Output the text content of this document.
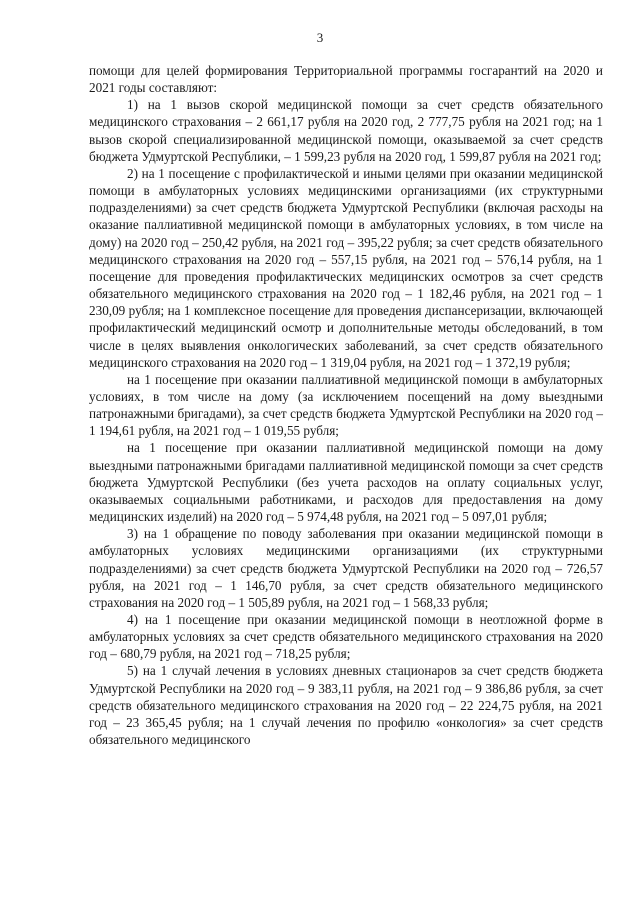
3

помощи для целей формирования Территориальной программы госгарантий на 2020 и 2021 годы составляют:

1) на 1 вызов скорой медицинской помощи за счет средств обязательного медицинского страхования – 2 661,17 рубля на 2020 год, 2 777,75 рубля на 2021 год; на 1 вызов скорой специализированной медицинской помощи, оказываемой за счет средств бюджета Удмуртской Республики, – 1 599,23 рубля на 2020 год, 1 599,87 рубля на 2021 год;

2) на 1 посещение с профилактической и иными целями при оказании медицинской помощи в амбулаторных условиях медицинскими организациями (их структурными подразделениями) за счет средств бюджета Удмуртской Республики (включая расходы на оказание паллиативной медицинской помощи в амбулаторных условиях, в том числе на дому) на 2020 год – 250,42 рубля, на 2021 год – 395,22 рубля; за счет средств обязательного медицинского страхования на 2020 год – 557,15 рубля, на 2021 год – 576,14 рубля, на 1 посещение для проведения профилактических медицинских осмотров за счет средств обязательного медицинского страхования на 2020 год – 1 182,46 рубля, на 2021 год – 1 230,09 рубля; на 1 комплексное посещение для проведения диспансеризации, включающей профилактический медицинский осмотр и дополнительные методы обследований, в том числе в целях выявления онкологических заболеваний, за счет средств обязательного медицинского страхования на 2020 год – 1 319,04 рубля, на 2021 год – 1 372,19 рубля;

на 1 посещение при оказании паллиативной медицинской помощи в амбулаторных условиях, в том числе на дому (за исключением посещений на дому выездными патронажными бригадами), за счет средств бюджета Удмуртской Республики на 2020 год – 1 194,61 рубля, на 2021 год – 1 019,55 рубля;

на 1 посещение при оказании паллиативной медицинской помощи на дому выездными патронажными бригадами паллиативной медицинской помощи за счет средств бюджета Удмуртской Республики (без учета расходов на оплату социальных услуг, оказываемых социальными работниками, и расходов для предоставления на дому медицинских изделий) на 2020 год – 5 974,48 рубля, на 2021 год – 5 097,01 рубля;

3) на 1 обращение по поводу заболевания при оказании медицинской помощи в амбулаторных условиях медицинскими организациями (их структурными подразделениями) за счет средств бюджета Удмуртской Республики на 2020 год – 726,57 рубля, на 2021 год – 1 146,70 рубля, за счет средств обязательного медицинского страхования на 2020 год – 1 505,89 рубля, на 2021 год – 1 568,33 рубля;

4) на 1 посещение при оказании медицинской помощи в неотложной форме в амбулаторных условиях за счет средств обязательного медицинского страхования на 2020 год – 680,79 рубля, на 2021 год – 718,25 рубля;

5) на 1 случай лечения в условиях дневных стационаров за счет средств бюджета Удмуртской Республики на 2020 год – 9 383,11 рубля, на 2021 год – 9 386,86 рубля, за счет средств обязательного медицинского страхования на 2020 год – 22 224,75 рубля, на 2021 год – 23 365,45 рубля; на 1 случай лечения по профилю «онкология» за счет средств обязательного медицинского
